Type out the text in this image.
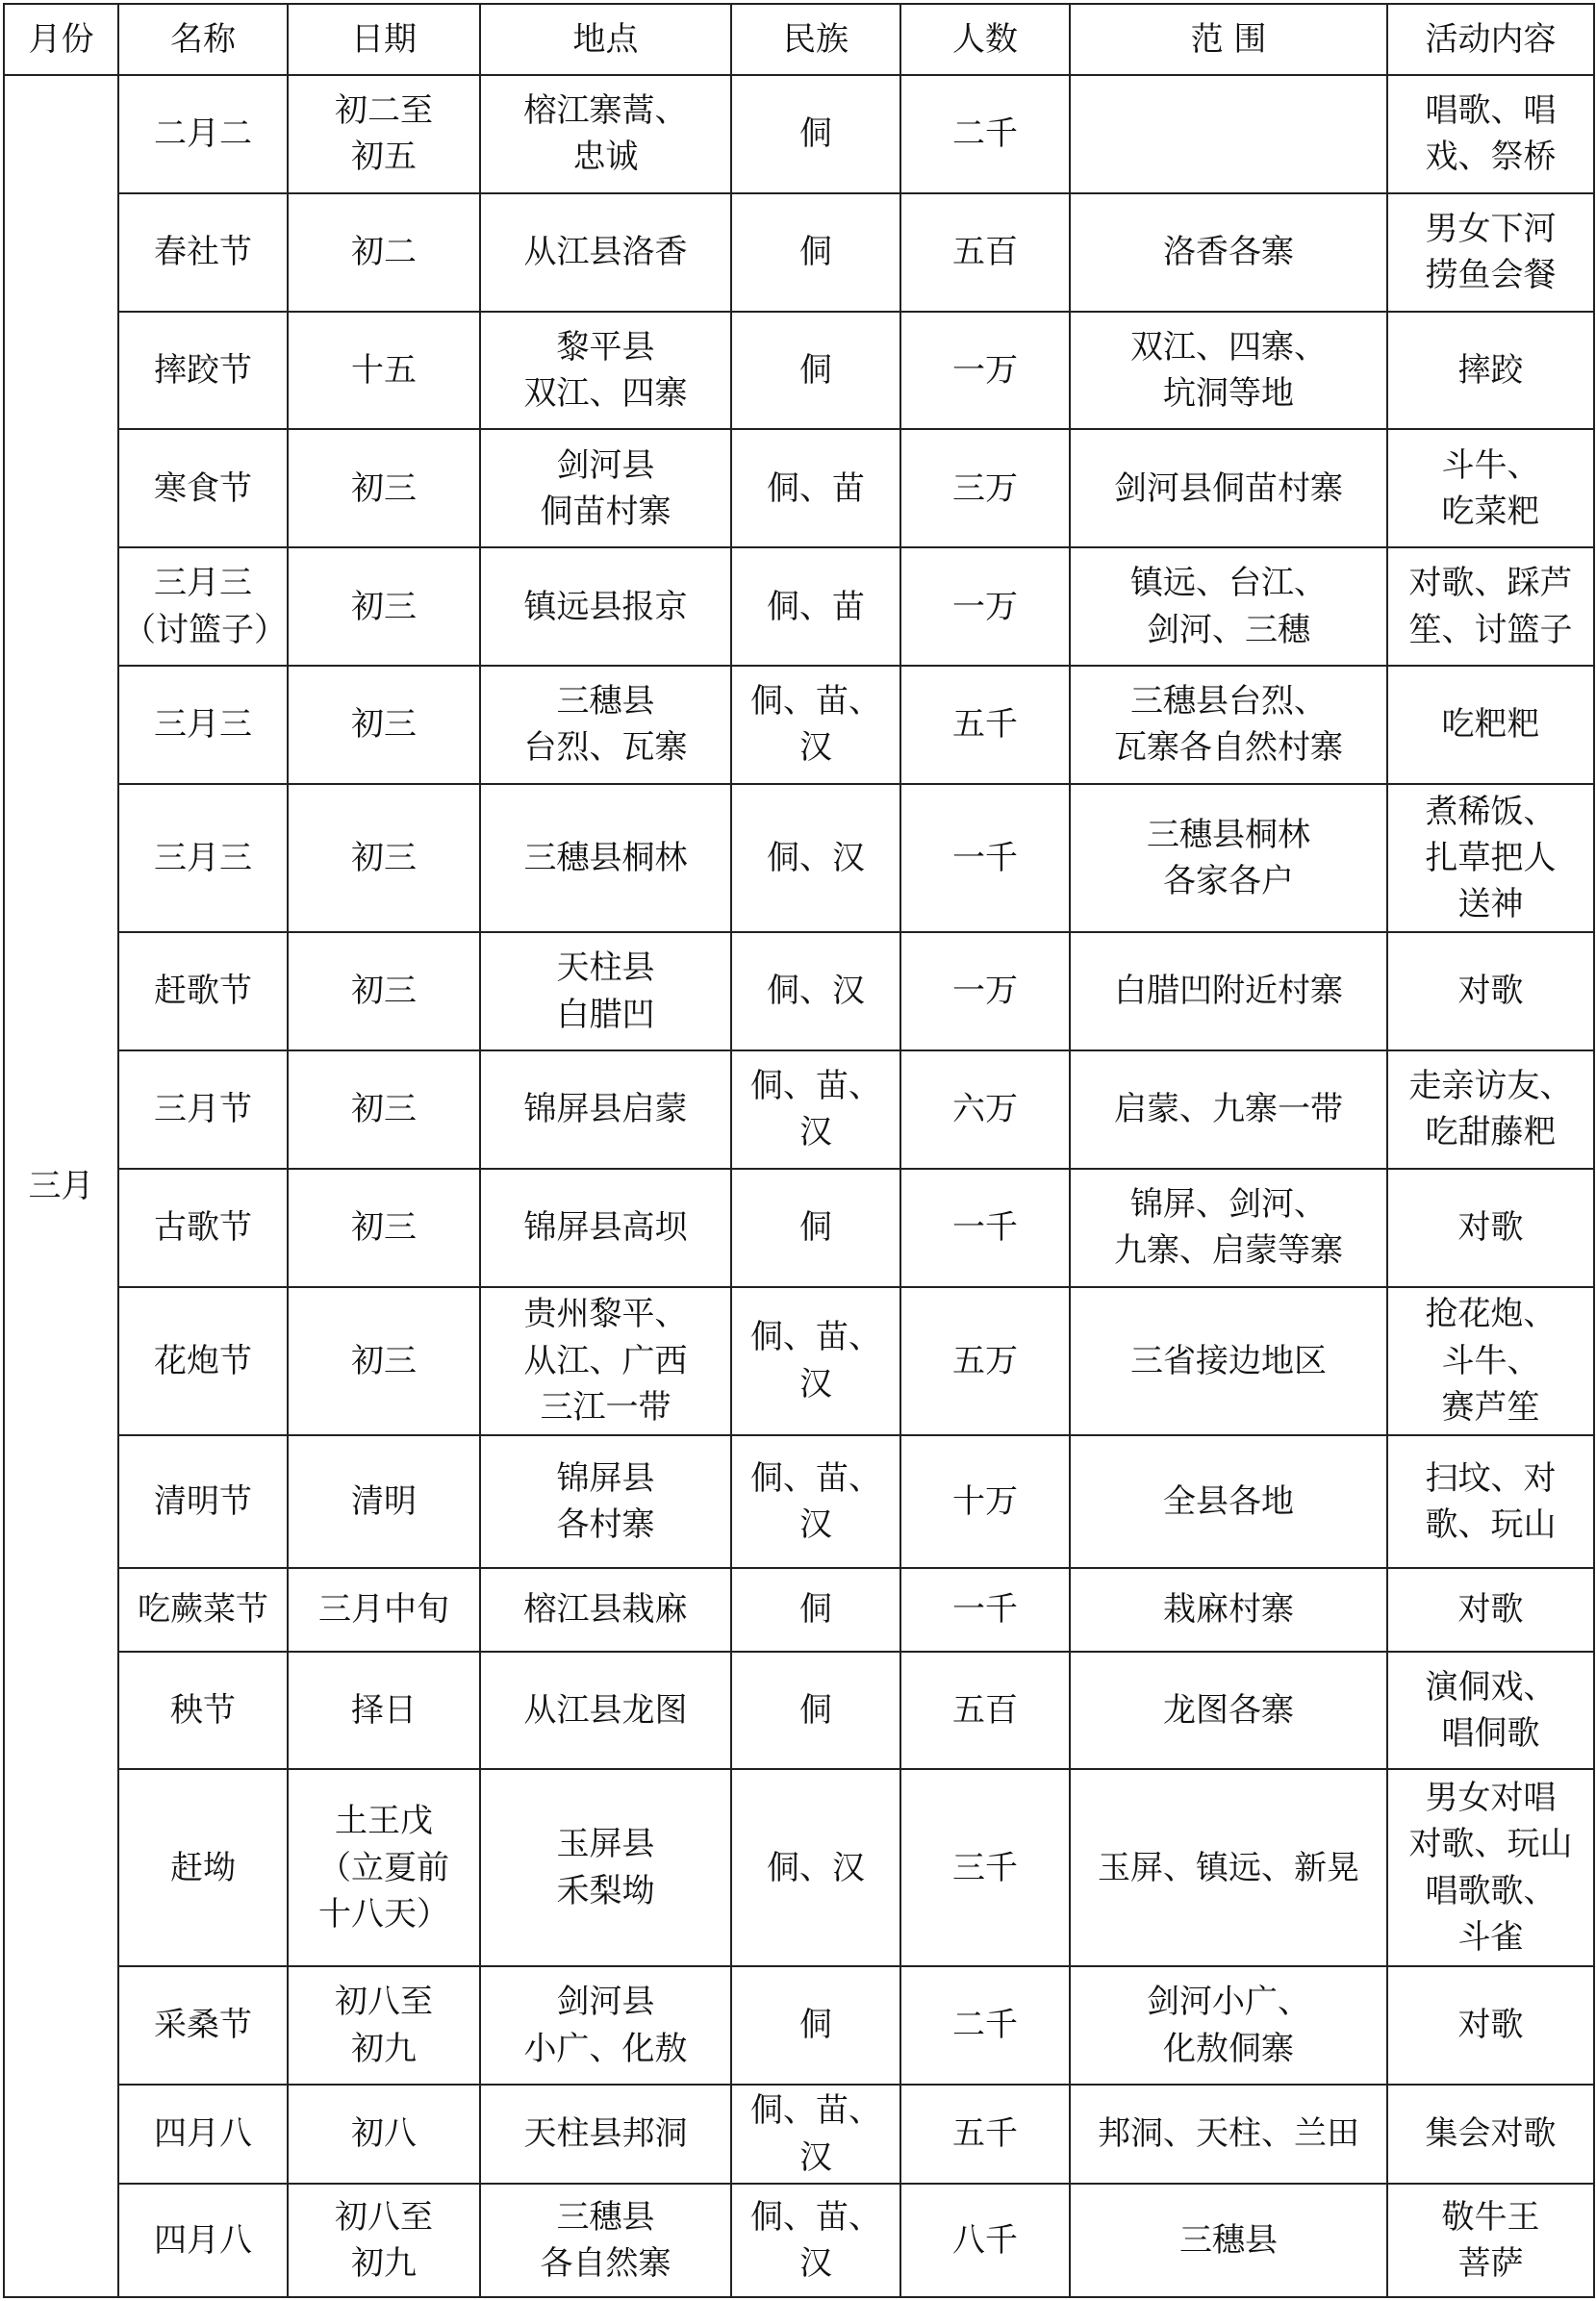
月份	名称	日期	地点	民族	人数	范 围	活动内容
三月	二月二	初二至
初五	榕江寨蒿、
忠诚	侗	二千		唱歌、唱
戏、祭桥
	春社节	初二	从江县洛香	侗	五百	洛香各寨	男女下河
捞鱼会餐
	摔跤节	十五	黎平县
双江、四寨	侗	一万	双江、四寨、
坑洞等地	摔跤
	寒食节	初三	剑河县
侗苗村寨	侗、苗	三万	剑河县侗苗村寨	斗牛、
吃菜粑
	三月三
（讨篮子）	初三	镇远县报京	侗、苗	一万	镇远、台江、
剑河、三穗	对歌、踩芦
笙、讨篮子
	三月三	初三	三穗县
台烈、瓦寨	侗、苗、汉	五千	三穗县台烈、
瓦寨各自然村寨	吃粑粑
	三月三	初三	三穗县桐林	侗、汉	一千	三穗县桐林
各家各户	煮稀饭、
扎草把人
送神
	赶歌节	初三	天柱县
白腊凹	侗、汉	一万	白腊凹附近村寨	对歌
	三月节	初三	锦屏县启蒙	侗、苗、汉	六万	启蒙、九寨一带	走亲访友、
吃甜藤粑
	古歌节	初三	锦屏县高坝	侗	一千	锦屏、剑河、
九寨、启蒙等寨	对歌
	花炮节	初三	贵州黎平、
从江、广西
三江一带	侗、苗、汉	五万	三省接边地区	抢花炮、
斗牛、
赛芦笙
	清明节	清明	锦屏县
各村寨	侗、苗、汉	十万	全县各地	扫坟、对
歌、玩山
	吃蕨菜节	三月中旬	榕江县栽麻	侗	一千	栽麻村寨	对歌
	秧节	择日	从江县龙图	侗	五百	龙图各寨	演侗戏、
唱侗歌
	赶坳	土王戊
（立夏前
十八天）	玉屏县
禾梨坳	侗、汉	三千	玉屏、镇远、新晃	男女对唱
对歌、玩山
唱歌歌、
斗雀
	采桑节	初八至
初九	剑河县
小广、化敖	侗	二千	剑河小广、
化敖侗寨	对歌
	四月八	初八	天柱县邦洞	侗、苗、汉	五千	邦洞、天柱、兰田	集会对歌
	四月八	初八至
初九	三穗县
各自然寨	侗、苗、汉	八千	三穗县	敬牛王
菩萨
